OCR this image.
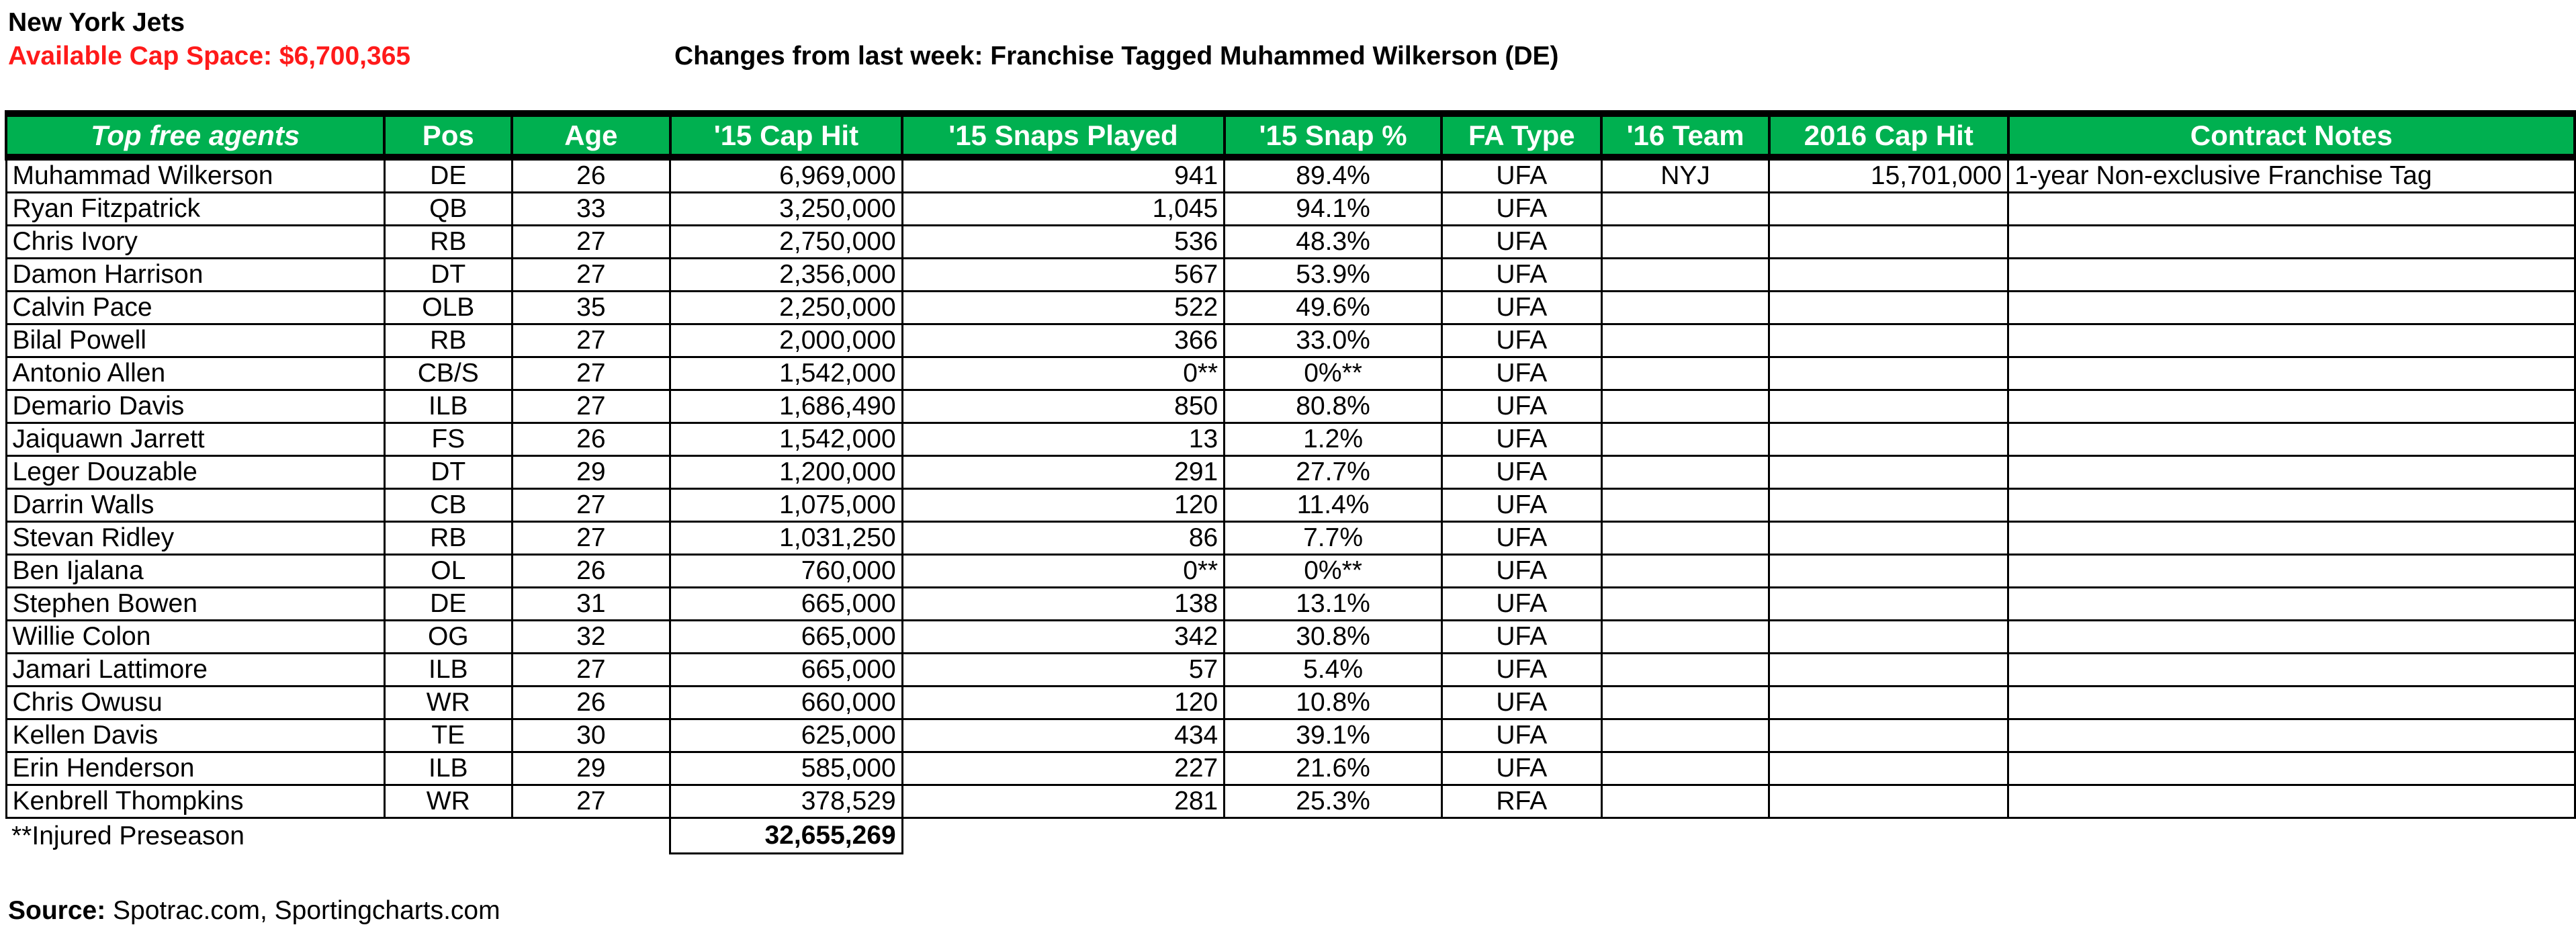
New York Jets
Available Cap Space: $6,700,365	Changes from last week: Franchise Tagged Muhammed Wilkerson (DE)
Top free agents	Pos	Age	'15 Cap Hit	'15 Snaps Played	'15 Snap %	FA Type	'16 Team	2016 Cap Hit	Contract Notes
Muhammad Wilkerson	DE	26	6,969,000	941	89.4%	UFA	NYJ	15,701,000	1-year Non-exclusive Franchise Tag
Ryan Fitzpatrick	QB	33	3,250,000	1,045	94.1%	UFA			
Chris Ivory	RB	27	2,750,000	536	48.3%	UFA			
Damon Harrison	DT	27	2,356,000	567	53.9%	UFA			
Calvin Pace	OLB	35	2,250,000	522	49.6%	UFA			
Bilal Powell	RB	27	2,000,000	366	33.0%	UFA			
Antonio Allen	CB/S	27	1,542,000	0**	0%**	UFA			
Demario Davis	ILB	27	1,686,490	850	80.8%	UFA			
Jaiquawn Jarrett	FS	26	1,542,000	13	1.2%	UFA			
Leger Douzable	DT	29	1,200,000	291	27.7%	UFA			
Darrin Walls	CB	27	1,075,000	120	11.4%	UFA			
Stevan Ridley	RB	27	1,031,250	86	7.7%	UFA			
Ben Ijalana	OL	26	760,000	0**	0%**	UFA			
Stephen Bowen	DE	31	665,000	138	13.1%	UFA			
Willie Colon	OG	32	665,000	342	30.8%	UFA			
Jamari Lattimore	ILB	27	665,000	57	5.4%	UFA			
Chris Owusu	WR	26	660,000	120	10.8%	UFA			
Kellen Davis	TE	30	625,000	434	39.1%	UFA			
Erin Henderson	ILB	29	585,000	227	21.6%	UFA			
Kenbrell Thompkins	WR	27	378,529	281	25.3%	RFA			
**Injured Preseason			32,655,269						
Source: Spotrac.com, Sportingcharts.com
